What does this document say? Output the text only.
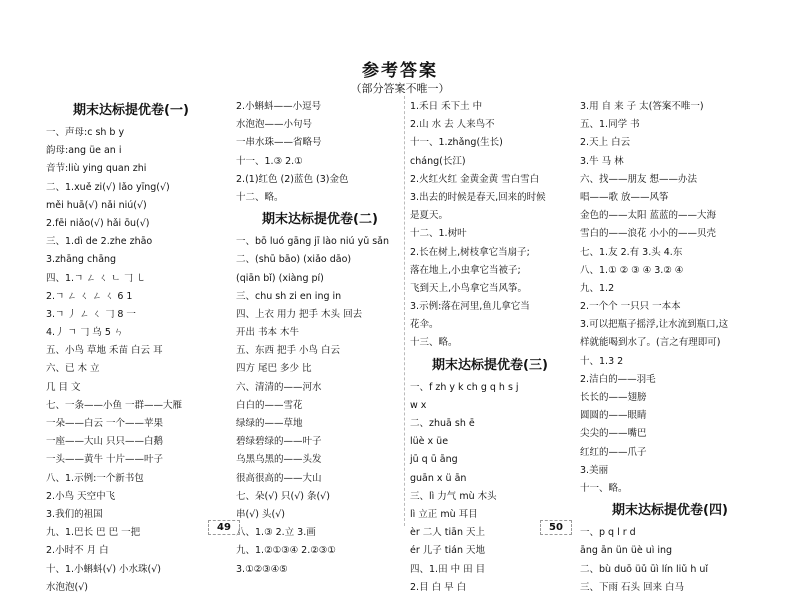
参考答案
（部分答案不唯一）
期末达标提优卷(一)
一、声母:c sh b y
韵母:ang üe an i
音节:liù ying quan zhi
二、1.xuě zi(√) lǎo yīng(√)
měi huā(√) nǎi niú(√)
2.fēi niǎo(√) hǎi ōu(√)
三、1.dì de 2.zhe zhāo
3.zhāng chāng
四、1.ㄱ ㄥ ㄑ ㄴ 𠃌 ㇄
2.ㄱ ㄥ ㄑ ㄥ ㄑ 6 1
3.ㄱ 丿 ㄥ ㄑ 𠃌 8 一
4.丿 ㄱ 𠃌 乌 5 ㄣ
五、小鸟 草地 禾苗 白云 耳
六、已 木 立
几 目 文
七、一条——小鱼 一群——大雁
一朵——白云 一个——苹果
一座——大山 只只——白鹅
一头——黄牛 十片——叶子
八、1.示例:一个新书包
2.小鸟 天空中飞
3.我们的祖国
九、1.巴长 巴 巴 一把
2.小时不 月 白
十、1.小蝌蚪(√) 小水珠(√)
水泡泡(√)
2.小蝌蚪——小逗号
水泡泡——小句号
一串水珠——省略号
十一、1.③ 2.①
2.(1)红色 (2)蓝色 (3)金色
十二、略。
期末达标提优卷(二)
一、bō luó gāng jī lào niú yǔ sǎn
二、(shū bāo) (xiǎo dāo)
(qiān bǐ) (xiàng pí)
三、chu sh zi en ing in
四、上衣 用力 把手 木头 回去
开出 书本 木牛
五、东西 把手 小鸟 白云
四方 尾巴 多少 比
六、清清的——河水
白白的——雪花
绿绿的——草地
碧绿碧绿的——叶子
乌黑乌黑的——头发
很高很高的——大山
七、朵(√) 只(√) 条(√)
串(√) 头(√)
八、1.③ 2.立 3.画
九、1.②①③④ 2.②③①
3.①②③④⑤
1.禾日 禾下土 中
2.山 水 去 人来鸟不
十一、1.zhǎng(生长)
cháng(长江)
2.火红火红 金黄金黄 雪白雪白
3.出去的时候是春天,回来的时候
是夏天。
十二、1.树叶
2.长在树上,树枝拿它当扇子;
落在地上,小虫拿它当被子;
飞到天上,小鸟拿它当风筝。
3.示例:落在河里,鱼儿拿它当
花伞。
十三、略。
期末达标提优卷(三)
一、f zh y k ch g q h s j
w x
二、zhuā sh ē
lüè x üe
jū q ū āng
guān x ü ān
三、lì 力气 mù 木头
lì 立正 mù 耳目
èr 二人 tiān 天上
ér 儿子 tián 天地
四、1.田 中 田 目
2.目 白 早 白
3.用 自 来 子 太(答案不唯一)
五、1.同学 书
2.天上 白云
3.牛 马 林
六、找——朋友 想——办法
唱——歌 放——风筝
金色的——太阳 蓝蓝的——大海
雪白的——浪花 小小的——贝壳
七、1.友 2.有 3.头 4.东
八、1.① ② ③ ④ 3.② ④
九、1.2
2.一个个 一只只 一本本
3.可以把瓶子摇浮,让水流到瓶口,这
样就能喝到水了。(言之有理即可)
十、1.3 2
2.洁白的——羽毛
长长的——翅膀
圆圆的——眼睛
尖尖的——嘴巴
红红的——爪子
3.美丽
十一、略。
期末达标提优卷(四)
一、p q l r d
āng ān ün üè uì ing
二、bù duō üǔ ūì lín liǔ h uǐ
三、下雨 石头 回来 白马
49	50
